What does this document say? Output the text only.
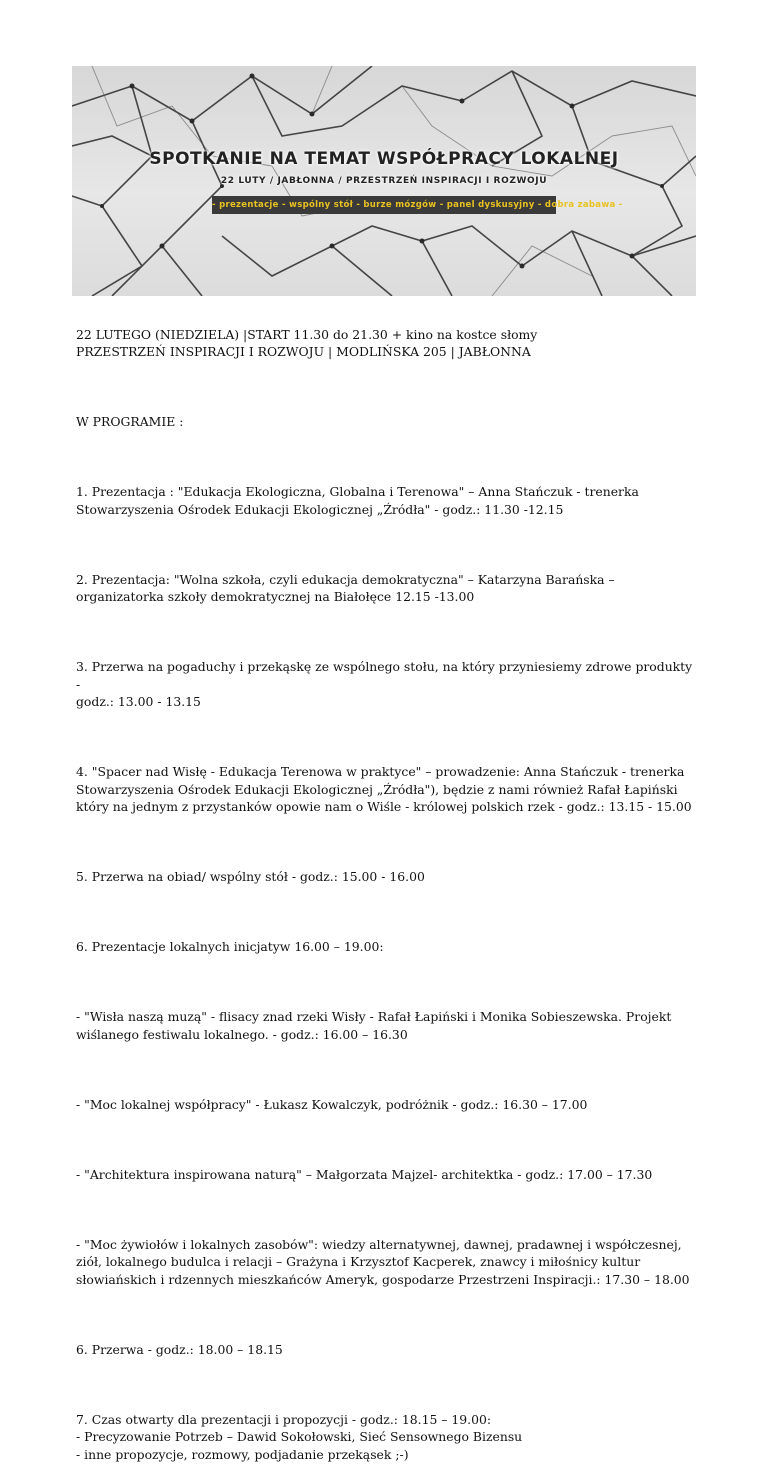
SPOTKANIE NA TEMAT WSPÓŁPRACY LOKALNEJ
22 LUTY / JABŁONNA / PRZESTRZEŃ INSPIRACJI I ROZWOJU
- prezentacje - wspólny stół - burze mózgów - panel dyskusyjny - dobra zabawa -

22 LUTEGO (NIEDZIELA) |START 11.30 do 21.30 + kino na kostce słomy
PRZESTRZEŃ INSPIRACJI I ROZWOJU | MODLIŃSKA 205 | JABŁONNA

W PROGRAMIE :

1. Prezentacja : "Edukacja Ekologiczna, Globalna i Terenowa" – Anna Stańczuk - trenerka
Stowarzyszenia Ośrodek Edukacji Ekologicznej „Źródła" - godz.: 11.30 -12.15

2. Prezentacja: "Wolna szkoła, czyli edukacja demokratyczna" – Katarzyna Barańska –
organizatorka szkoły demokratycznej na Białołęce 12.15 -13.00

3. Przerwa na pogaduchy i przekąskę ze wspólnego stołu, na który przyniesiemy zdrowe produkty -
godz.: 13.00 - 13.15

4. "Spacer nad Wisłę - Edukacja Terenowa w praktyce" – prowadzenie: Anna Stańczuk - trenerka
Stowarzyszenia Ośrodek Edukacji Ekologicznej „Źródła"), będzie z nami również Rafał Łapiński
który na jednym z przystanków opowie nam o Wiśle - królowej polskich rzek - godz.: 13.15 - 15.00

5. Przerwa na obiad/ wspólny stół - godz.: 15.00 - 16.00

6. Prezentacje lokalnych inicjatyw 16.00 – 19.00:

- "Wisła naszą muzą" - flisacy znad rzeki Wisły - Rafał Łapiński i Monika Sobieszewska. Projekt
wiślanego festiwalu lokalnego. - godz.: 16.00 – 16.30

- "Moc lokalnej współpracy" - Łukasz Kowalczyk, podróżnik - godz.: 16.30 – 17.00

- "Architektura inspirowana naturą" – Małgorzata Majzel- architektka - godz.: 17.00 – 17.30

- "Moc żywiołów i lokalnych zasobów": wiedzy alternatywnej, dawnej, pradawnej i współczesnej,
ziół, lokalnego budulca i relacji – Grażyna i Krzysztof Kacperek, znawcy i miłośnicy kultur
słowiańskich i rdzennych mieszkańców Ameryk, gospodarze Przestrzeni Inspiracji.: 17.30 – 18.00

6. Przerwa - godz.: 18.00 – 18.15

7. Czas otwarty dla prezentacji i propozycji - godz.: 18.15 – 19.00:
- Precyzowanie Potrzeb – Dawid Sokołowski, Sieć Sensownego Bizensu
- inne propozycje, rozmowy, podjadanie przekąsek ;-)
